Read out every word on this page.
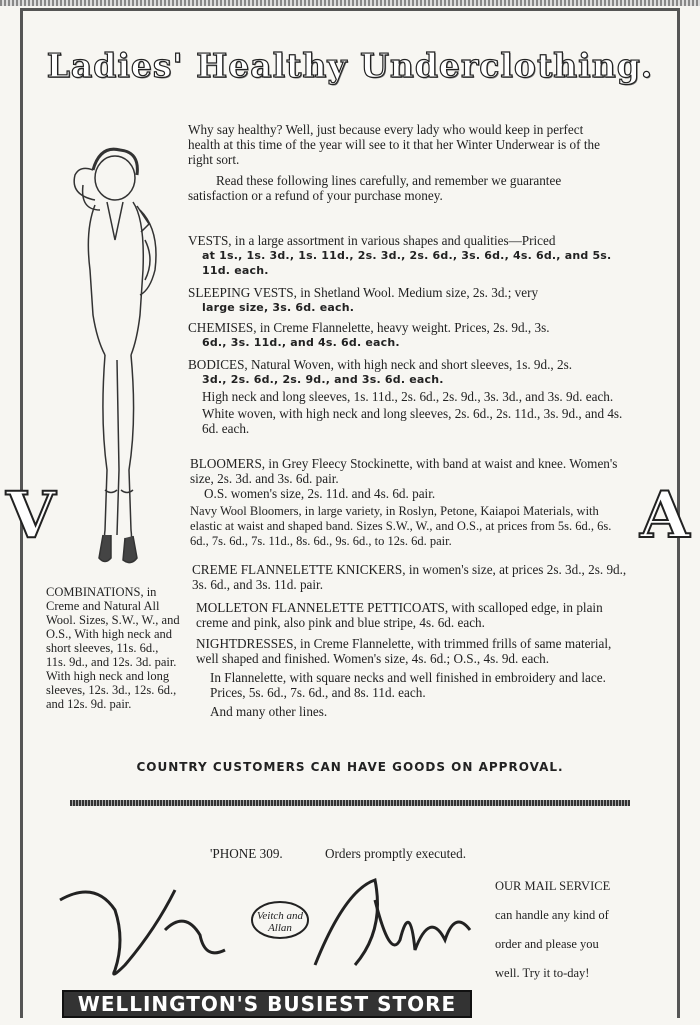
Ladies' Healthy Underclothing.
V	A

Why say healthy? Well, just because every lady who would keep in perfect health at this time of the year will see to it that her Winter Underwear is of the right sort.

Read these following lines carefully, and remember we guarantee satisfaction or a refund of your purchase money.

VESTS, in a large assortment in various shapes and qualities—Priced
at 1s., 1s. 3d., 1s. 11d., 2s. 3d., 2s. 6d., 3s. 6d., 4s. 6d., and 5s. 11d. each.
SLEEPING VESTS, in Shetland Wool. Medium size, 2s. 3d.; very
large size, 3s. 6d. each.
CHEMISES, in Creme Flannelette, heavy weight. Prices, 2s. 9d., 3s.
6d., 3s. 11d., and 4s. 6d. each.
BODICES, Natural Woven, with high neck and short sleeves, 1s. 9d., 2s.
3d., 2s. 6d., 2s. 9d., and 3s. 6d. each.
High neck and long sleeves, 1s. 11d., 2s. 6d., 2s. 9d., 3s. 3d., and 3s. 9d. each.
White woven, with high neck and long sleeves, 2s. 6d., 2s. 11d., 3s. 9d., and 4s. 6d. each.
BLOOMERS, in Grey Fleecy Stockinette, with band at waist and knee. Women's size, 2s. 3d. and 3s. 6d. pair.
O.S. women's size, 2s. 11d. and 4s. 6d. pair.
Navy Wool Bloomers, in large variety, in Roslyn, Petone, Kaiapoi Materials, with elastic at waist and shaped band. Sizes S.W., W., and O.S., at prices from 5s. 6d., 6s. 6d., 7s. 6d., 7s. 11d., 8s. 6d., 9s. 6d., to 12s. 6d. pair.
CREME FLANNELETTE KNICKERS, in women's size, at prices 2s. 3d., 2s. 9d., 3s. 6d., and 3s. 11d. pair.
COMBINATIONS, in Creme and Natural All Wool. Sizes, S.W., W., and O.S., With high neck and short sleeves, 11s. 6d., 11s. 9d., and 12s. 3d. pair. With high neck and long sleeves, 12s. 3d., 12s. 6d., and 12s. 9d. pair.
MOLLETON FLANNELETTE PETTICOATS, with scalloped edge, in plain creme and pink, also pink and blue stripe, 4s. 6d. each.
NIGHTDRESSES, in Creme Flannelette, with trimmed frills of same material, well shaped and finished. Women's size, 4s. 6d.; O.S., 4s. 9d. each.
In Flannelette, with square necks and well finished in embroidery and lace. Prices, 5s. 6d., 7s. 6d., and 8s. 11d. each.
And many other lines.
COUNTRY CUSTOMERS CAN HAVE GOODS ON APPROVAL.
'PHONE 309.	Orders promptly executed.
Veitch and Allan
WELLINGTON'S BUSIEST STORE
OUR MAIL SERVICE
can handle any kind of
order and please you
well. Try it to-day!
